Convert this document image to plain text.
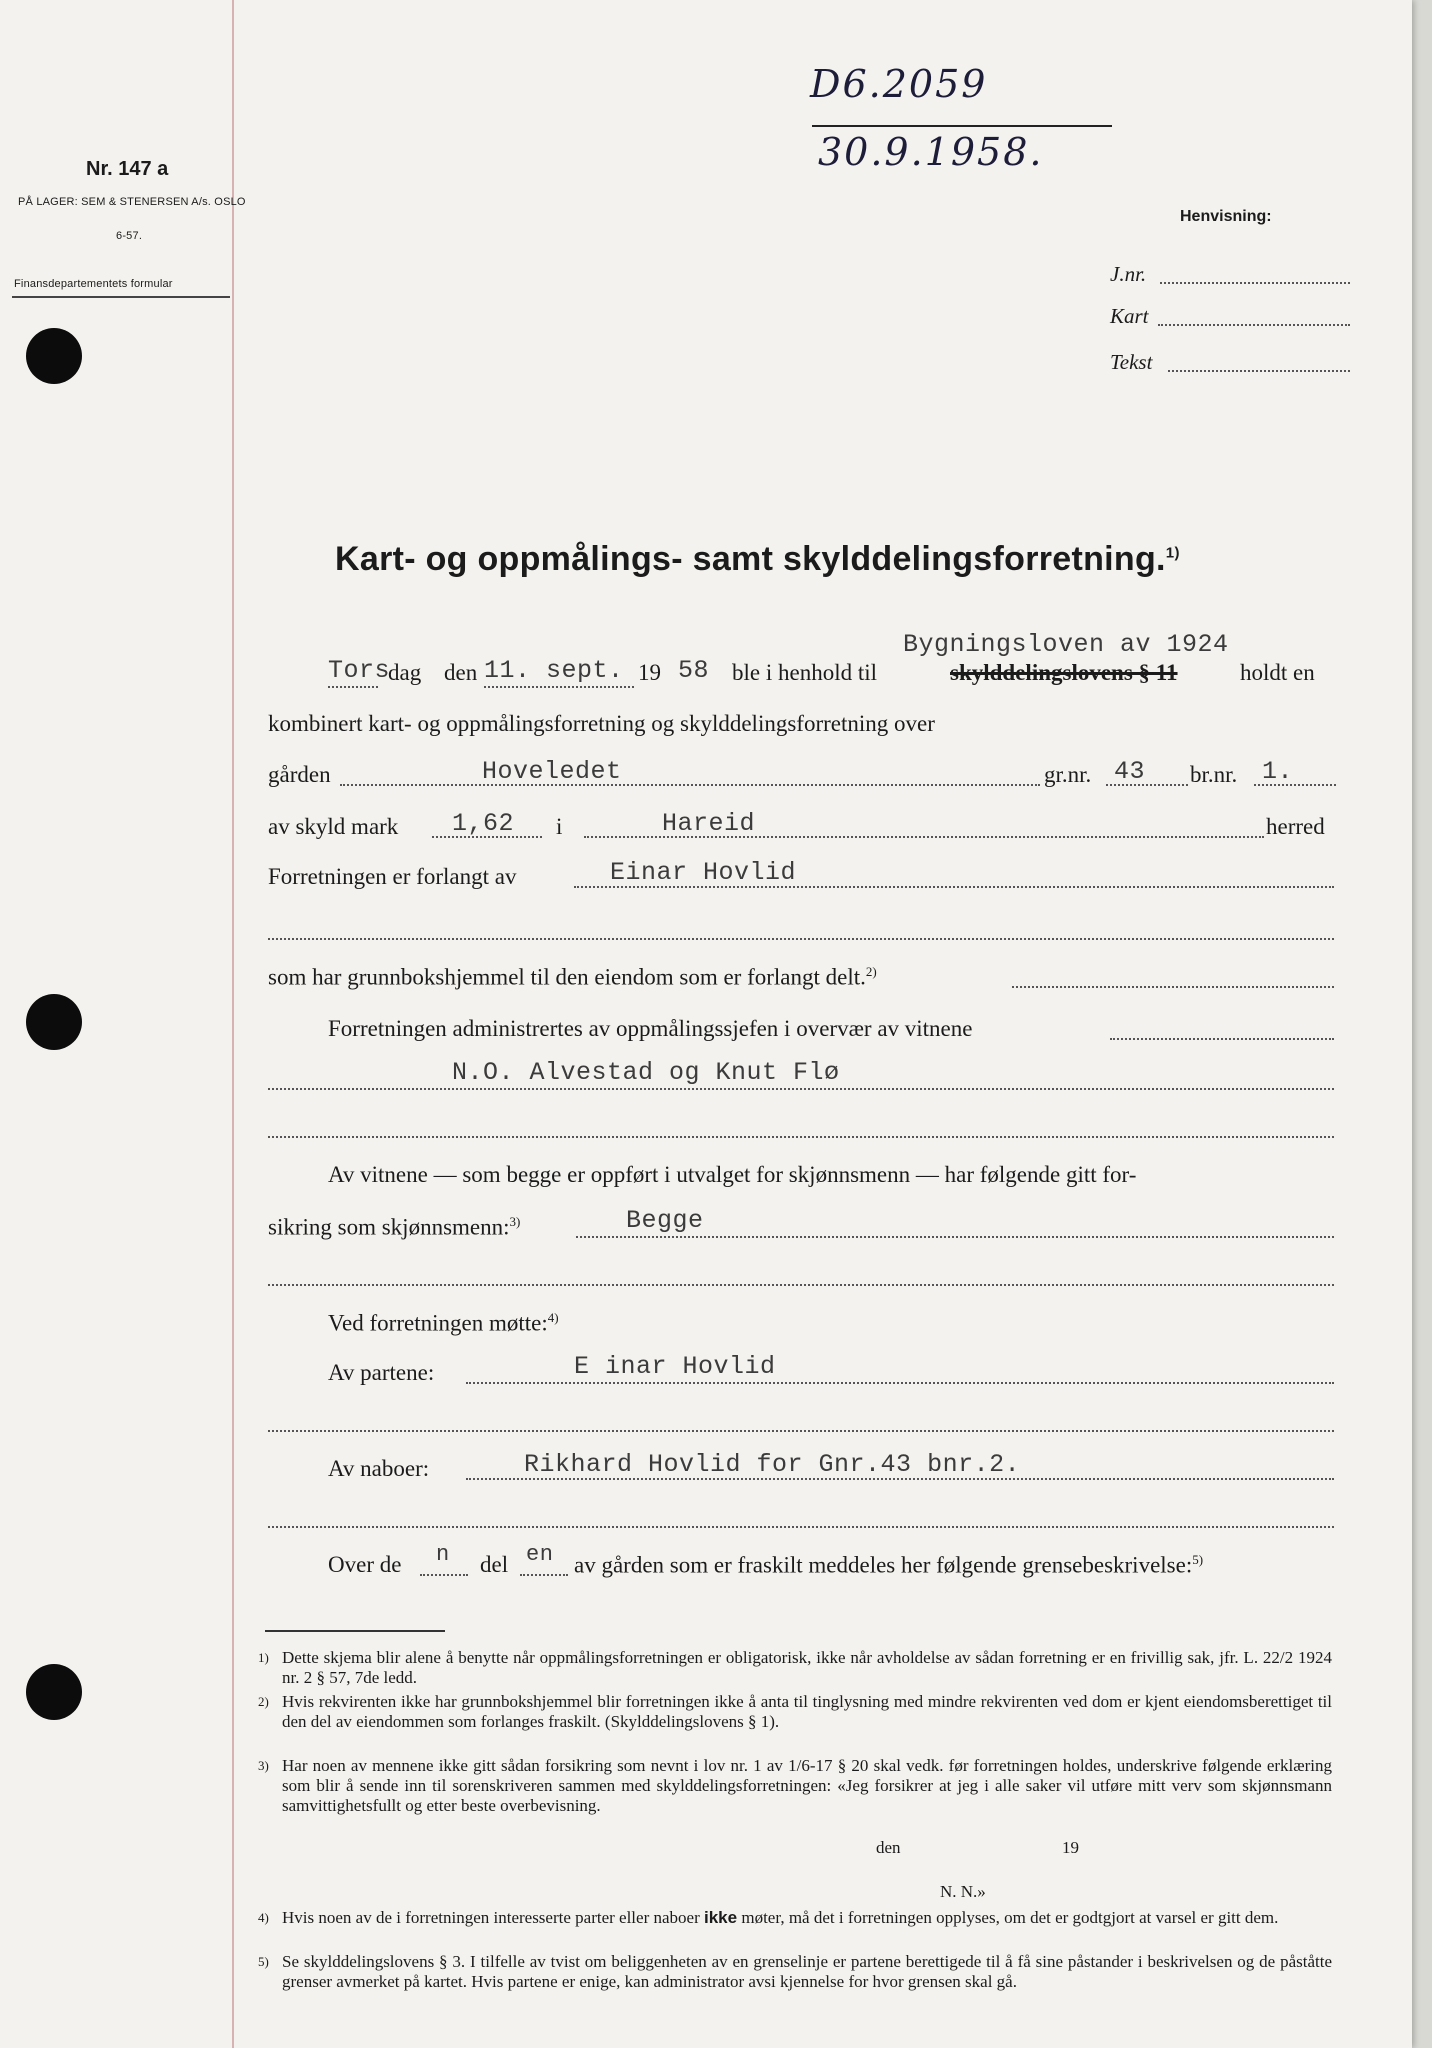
Nr. 147 a
PÅ LAGER: SEM & STENERSEN A/s. OSLO
6-57.
Finansdepartementets formular
D6.2059
30.9.1958.
Henvisning:
J.nr.
Kart
Tekst
Kart- og oppmålings- samt skylddelingsforretning.$^{1)}$
Bygningsloven av 1924
Tors
dag den 11. sept. 19 58 ble i henhold til	skylddelingslovens § 11	holdt en
kombinert kart- og oppmålingsforretning og skylddelingsforretning over
gården	Hoveledet	gr.nr. 43 br.nr. 1.
av skyld mark 1,62 i	Hareid	herred
Forretningen er forlangt av	Einar Hovlid
som har grunnbokshjemmel til den eiendom som er forlangt delt.$^{2)}$
Forretningen administrertes av oppmålingssjefen i overvær av vitnene
N.O. Alvestad og Knut Flø
Av vitnene — som begge er oppført i utvalget for skjønnsmenn — har følgende gitt for-
sikring som skjønnsmenn:$^{3)}$	Begge
Ved forretningen møtte:$^{4)}$
Av partene:	E inar Hovlid
Av naboer:	Rikhard Hovlid for Gnr.43 bnr.2.
Over de n del en av gården som er fraskilt meddeles her følgende grensebeskrivelse:$^{5)}$
1) Dette skjema blir alene å benytte når oppmålingsforretningen er obligatorisk, ikke når avholdelse av sådan forretning er en frivillig sak, jfr. L. 22/2 1924 nr. 2 § 57, 7de ledd.
2) Hvis rekvirenten ikke har grunnbokshjemmel blir forretningen ikke å anta til tinglysning med mindre rekvirenten ved dom er kjent eiendomsberettiget til den del av eiendommen som forlanges fraskilt. (Skylddelingslovens § 1).
3) Har noen av mennene ikke gitt sådan forsikring som nevnt i lov nr. 1 av 1/6-17 § 20 skal vedk. før forretningen holdes, underskrive følgende erklæring som blir å sende inn til sorenskriveren sammen med skylddelingsforretningen: «Jeg forsikrer at jeg i alle saker vil utføre mitt verv som skjønnsmann samvittighetsfullt og etter beste overbevisning.
den	19
N. N.»
4) Hvis noen av de i forretningen interesserte parter eller naboer ikke møter, må det i forretningen opplyses, om det er godtgjort at varsel er gitt dem.
5) Se skylddelingslovens § 3. I tilfelle av tvist om beliggenheten av en grenselinje er partene berettigede til å få sine påstander i beskrivelsen og de påståtte grenser avmerket på kartet. Hvis partene er enige, kan administrator avsi kjennelse for hvor grensen skal gå.
